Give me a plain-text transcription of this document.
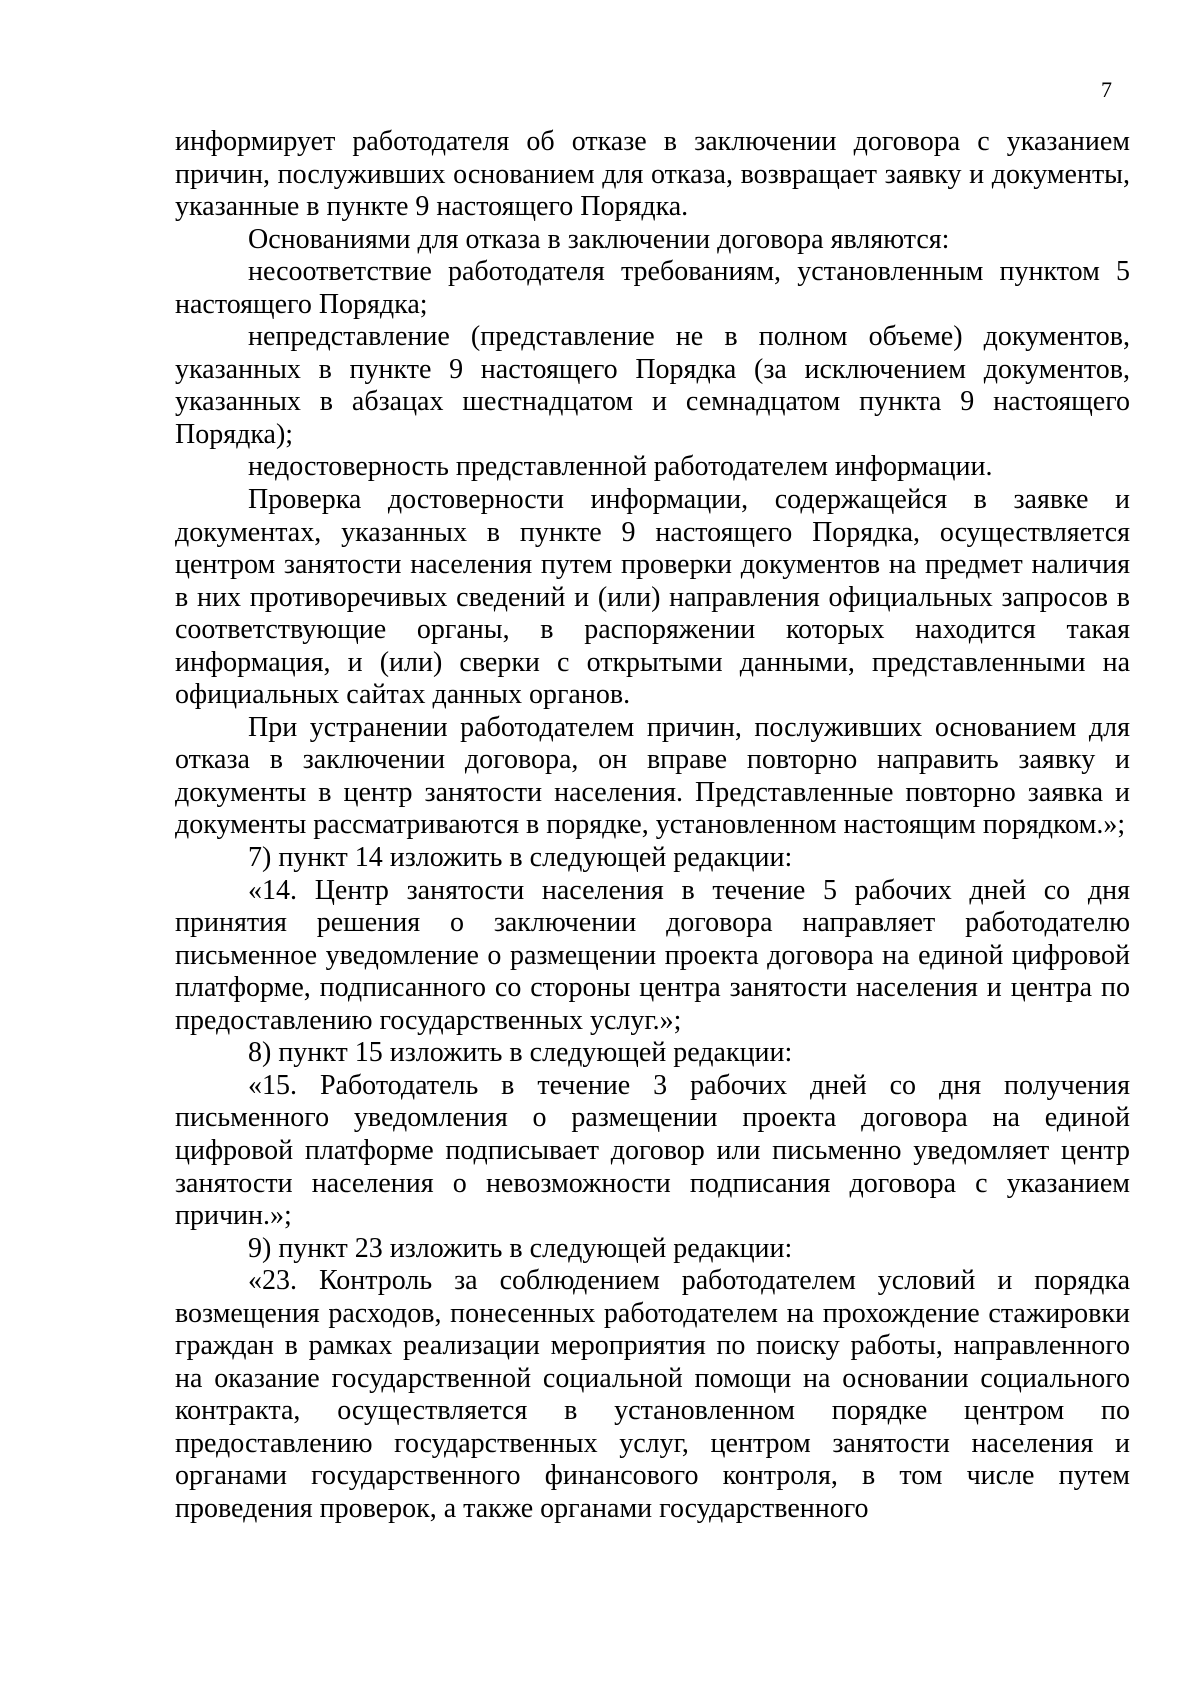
7

информирует работодателя об отказе в заключении договора с указанием причин, послуживших основанием для отказа, возвращает заявку и документы, указанные в пункте 9 настоящего Порядка.

Основаниями для отказа в заключении договора являются:

несоответствие работодателя требованиям, установленным пунктом 5 настоящего Порядка;

непредставление (представление не в полном объеме) документов, указанных в пункте 9 настоящего Порядка (за исключением документов, указанных в абзацах шестнадцатом и семнадцатом пункта 9 настоящего Порядка);

недостоверность представленной работодателем информации.

Проверка достоверности информации, содержащейся в заявке и документах, указанных в пункте 9 настоящего Порядка, осуществляется центром занятости населения путем проверки документов на предмет наличия в них противоречивых сведений и (или) направления официальных запросов в соответствующие органы, в распоряжении которых находится такая информация, и (или) сверки с открытыми данными, представленными на официальных сайтах данных органов.

При устранении работодателем причин, послуживших основанием для отказа в заключении договора, он вправе повторно направить заявку и документы в центр занятости населения. Представленные повторно заявка и документы рассматриваются в порядке, установленном настоящим порядком.»;

7) пункт 14 изложить в следующей редакции:

«14. Центр занятости населения в течение 5 рабочих дней со дня принятия решения о заключении договора направляет работодателю письменное уведомление о размещении проекта договора на единой цифровой платформе, подписанного со стороны центра занятости населения и центра по предоставлению государственных услуг.»;

8) пункт 15 изложить в следующей редакции:

«15. Работодатель в течение 3 рабочих дней со дня получения письменного уведомления о размещении проекта договора на единой цифровой платформе подписывает договор или письменно уведомляет центр занятости населения о невозможности подписания договора с указанием причин.»;

9) пункт 23 изложить в следующей редакции:

«23. Контроль за соблюдением работодателем условий и порядка возмещения расходов, понесенных работодателем на прохождение стажировки граждан в рамках реализации мероприятия по поиску работы, направленного на оказание государственной социальной помощи на основании социального контракта, осуществляется в установленном порядке центром по предоставлению государственных услуг, центром занятости населения и органами государственного финансового контроля, в том числе путем проведения проверок, а также органами государственного
